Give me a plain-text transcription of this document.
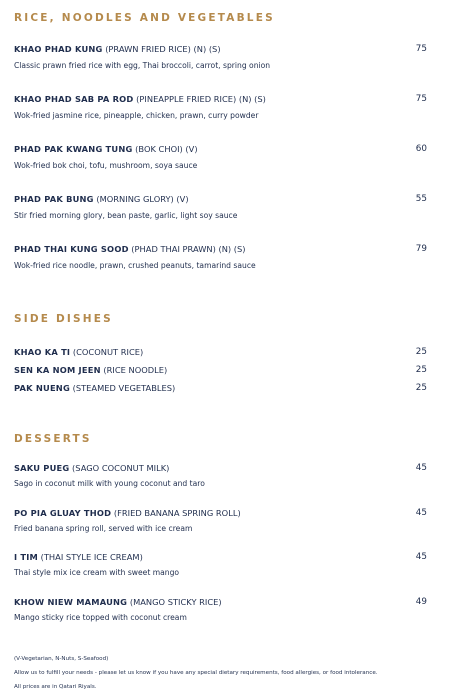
RICE, NOODLES AND VEGETABLES
KHAO PHAD KUNG (PRAWN FRIED RICE) (N) (S)	75
Classic prawn fried rice with egg, Thai broccoli, carrot, spring onion
KHAO PHAD SAB PA ROD (PINEAPPLE FRIED RICE) (N) (S)	75
Wok-fried jasmine rice, pineapple, chicken, prawn, curry powder
PHAD PAK KWANG TUNG (BOK CHOI) (V)	60
Wok-fried bok choi, tofu, mushroom, soya sauce
PHAD PAK BUNG (MORNING GLORY) (V)	55
Stir fried morning glory, bean paste, garlic, light soy sauce
PHAD THAI KUNG SOOD (PHAD THAI PRAWN) (N) (S)	79
Wok-fried rice noodle, prawn, crushed peanuts, tamarind sauce
SIDE DISHES
KHAO KA TI (COCONUT RICE)	25
SEN KA NOM JEEN (RICE NOODLE)	25
PAK NUENG (STEAMED VEGETABLES)	25
DESSERTS
SAKU PUEG (SAGO COCONUT MILK)	45
Sago in coconut milk with young coconut and taro
PO PIA GLUAY THOD (FRIED BANANA SPRING ROLL)	45
Fried banana spring roll, served with ice cream
I TIM (THAI STYLE ICE CREAM)	45
Thai style mix ice cream with sweet mango
KHOW NIEW MAMAUNG (MANGO STICKY RICE)	49
Mango sticky rice topped with coconut cream
(V-Vegetarian, N-Nuts, S-Seafood)
Allow us to fulfill your needs - please let us know if you have any special dietary requirements, food allergies, or food intolerance.
All prices are in Qatari Riyals.
